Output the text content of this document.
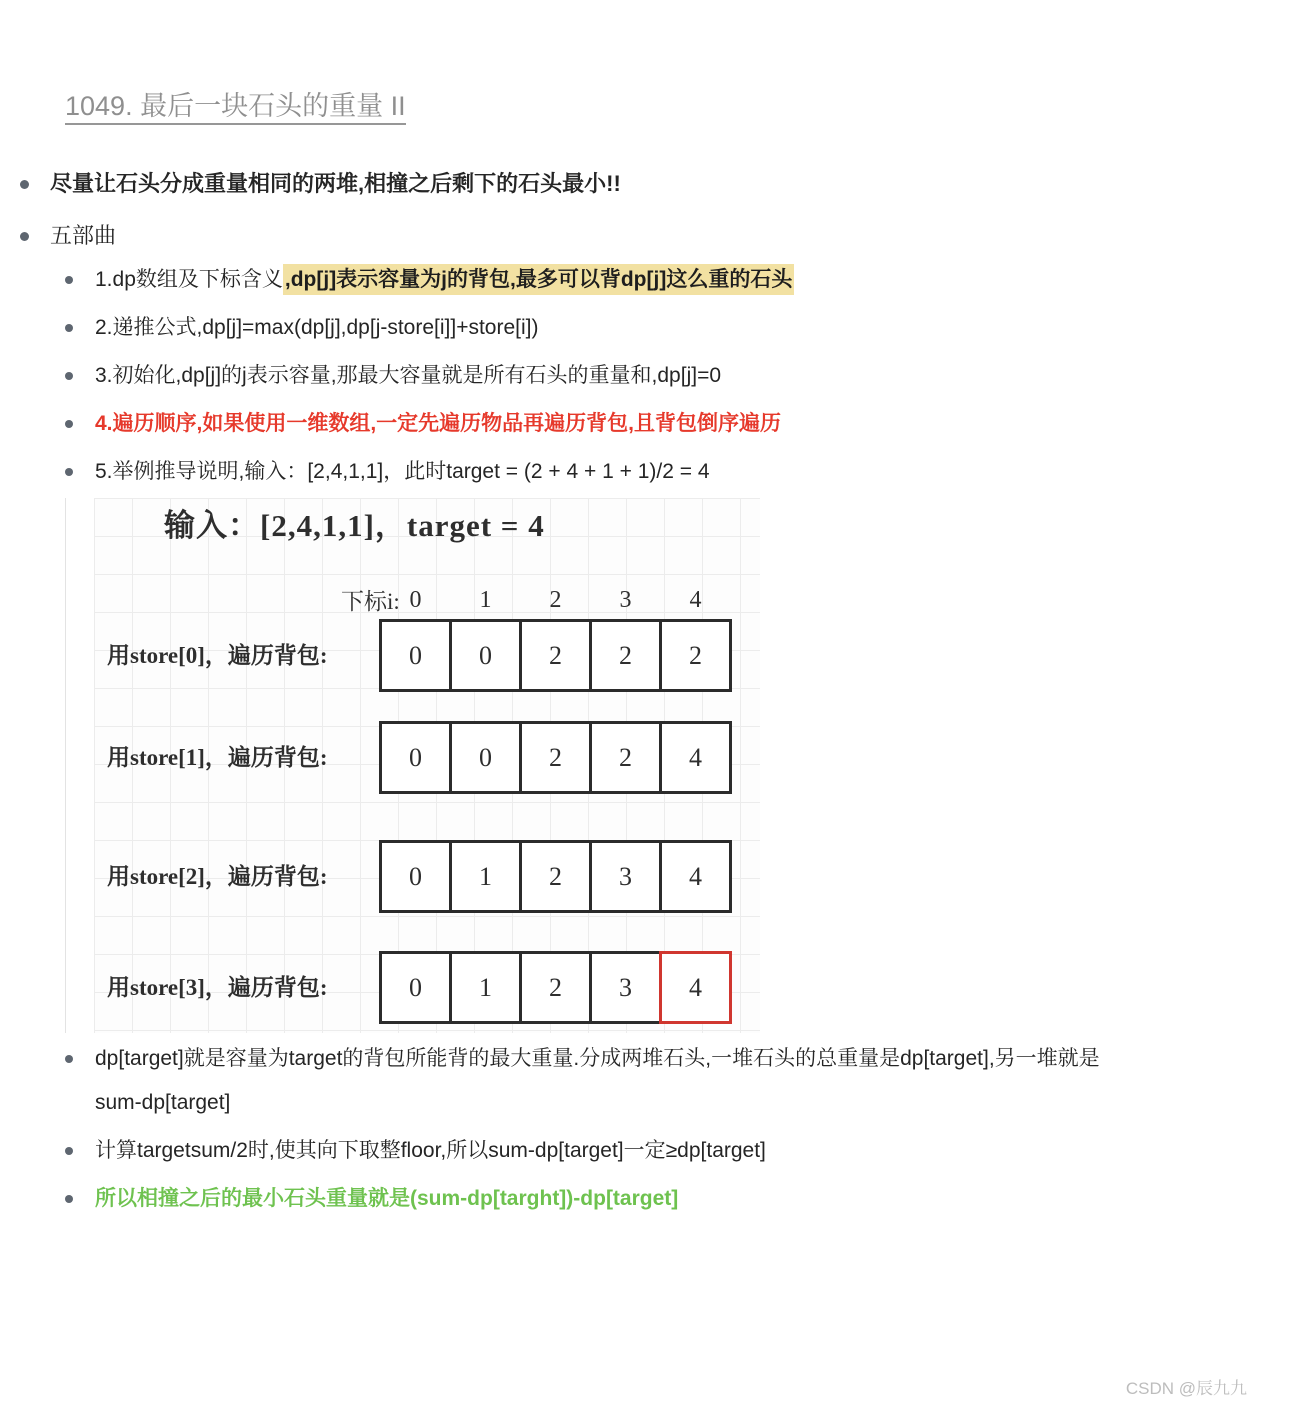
1049. 最后一块石头的重量 II
尽量让石头分成重量相同的两堆,相撞之后剩下的石头最小!!
五部曲
1.dp数组及下标含义,dp[j]表示容量为j的背包,最多可以背dp[j]这么重的石头
2.递推公式,dp[j]=max(dp[j],dp[j-store[i]]+store[i])
3.初始化,dp[j]的j表示容量,那最大容量就是所有石头的重量和,dp[j]=0
4.遍历顺序,如果使用一维数组,一定先遍历物品再遍历背包,且背包倒序遍历
5.举例推导说明,输入：[2,4,1,1]，此时target = (2 + 4 + 1 + 1)/2 = 4
输入：[2,4,1,1]，target = 4
下标i: 0	1	2	3	4
用store[0]，遍历背包:	0	0	2	2	2
用store[1]，遍历背包:	0	0	2	2	4
用store[2]，遍历背包:	0	1	2	3	4
用store[3]，遍历背包:	0	1	2	3	4
dp[target]就是容量为target的背包所能背的最大重量.分成两堆石头,一堆石头的总重量是dp[target],另一堆就是sum-dp[target]
计算targetsum/2时,使其向下取整floor,所以sum-dp[target]一定≥dp[target]
所以相撞之后的最小石头重量就是(sum-dp[targht])-dp[target]
CSDN @辰九九
